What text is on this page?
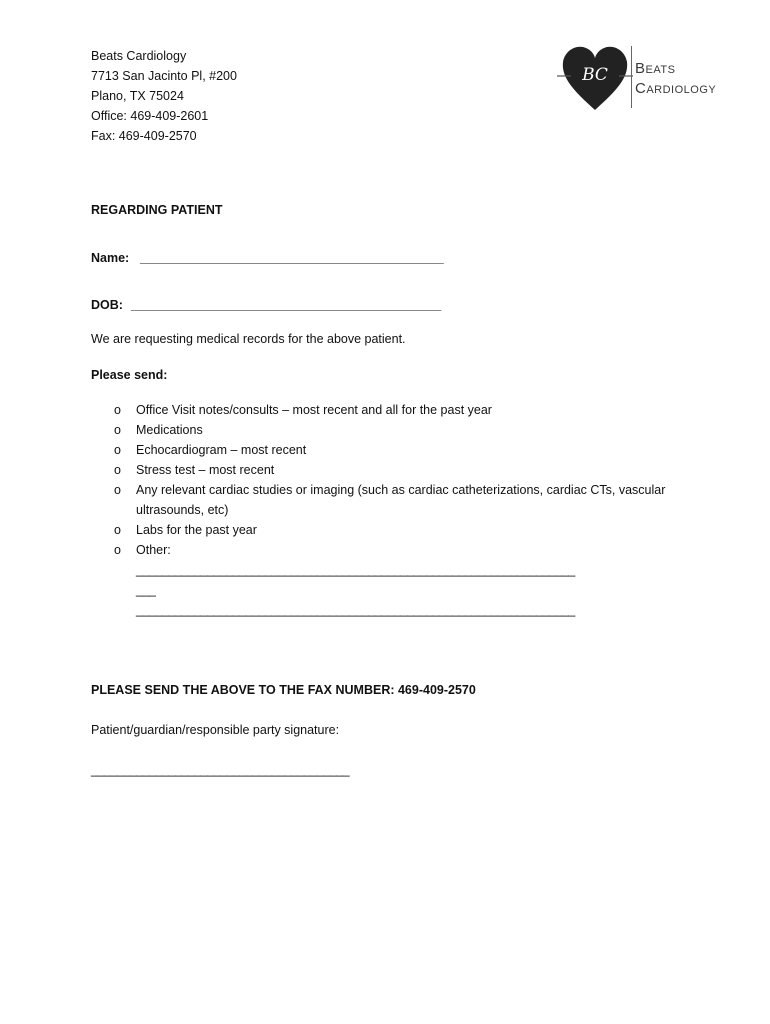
Beats Cardiology
7713 San Jacinto Pl, #200
Plano, TX 75024
Office: 469-409-2601
Fax: 469-409-2570
BC Beats
Cardiology
REGARDING PATIENT
Name: _______________________________________________
DOB: ________________________________________________
We are requesting medical records for the above patient.
Please send:
o Office Visit notes/consults – most recent and all for the past year
o Medications
o Echocardiogram – most recent
o Stress test – most recent
o Any relevant cardiac studies or imaging (such as cardiac catheterizations, cardiac CTs, vascular
ultrasounds, etc)
o Labs for the past year
o Other:
____________________________________________________________________
___
____________________________________________________________________
PLEASE SEND THE ABOVE TO THE FAX NUMBER: 469-409-2570
Patient/guardian/responsible party signature:
________________________________________
